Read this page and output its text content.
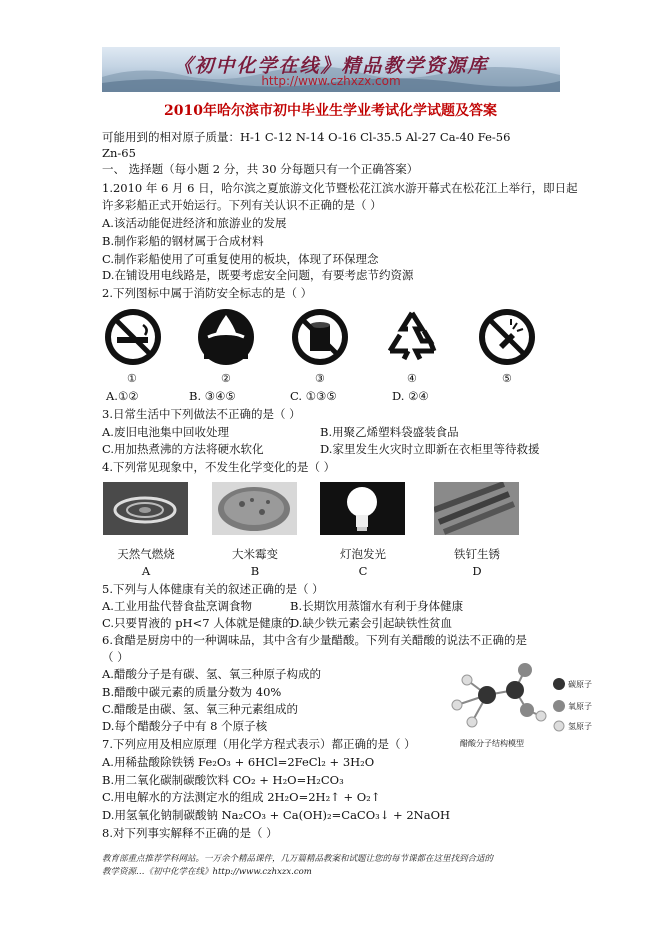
《初中化学在线》精品教学资源库
http://www.czhxzx.com
2010年哈尔滨市初中毕业生学业考试化学试题及答案
可能用到的相对原子质量：H-1 C-12 N-14 O-16 Cl-35.5 Al-27 Ca-40 Fe-56
Zn-65
一、 选择题（每小题 2 分，共 30 分每题只有一个正确答案）
1.2010 年 6 月 6 日，哈尔滨之夏旅游文化节暨松花江滨水游开幕式在松花江上举行，即日起
许多彩船正式开始运行。下列有关认识不正确的是（ ）
A.该活动能促进经济和旅游业的发展
B.制作彩船的钢材属于合成材料
C.制作彩船使用了可重复使用的板块，体现了环保理念
D.在铺设用电线路是，既要考虑安全问题，有要考虑节约资源
2.下列图标中属于消防安全标志的是（ ）
①	②	③	④	⑤
A.①②	B. ③④⑤	C. ①③⑤	D. ②④
3.日常生活中下列做法不正确的是（ ）
A.废旧电池集中回收处理	B.用聚乙烯塑料袋盛装食品
C.用加热煮沸的方法将硬水软化	D.家里发生火灾时立即新在衣柜里等待救援
4.下列常见现象中，不发生化学变化的是（ ）
天然气燃烧	大米霉变	灯泡发光	铁钉生锈
A	B	C	D
5.下列与人体健康有关的叙述正确的是（ ）
A.工业用盐代替食盐烹调食物	B.长期饮用蒸馏水有利于身体健康
C.只要胃液的 pH<7 人体就是健康的
D.缺少铁元素会引起缺铁性贫血
6.食醋是厨房中的一种调味品，其中含有少量醋酸。下列有关醋酸的说法不正确的是
（ ）
A.醋酸分子是有碳、氢、氧三种原子构成的
B.醋酸中碳元素的质量分数为 40%
C.醋酸是由碳、氢、氧三种元素组成的
D.每个醋酸分子中有 8 个原子核
碳原子
氧原子
氢原子
醋酸分子结构模型
7.下列应用及相应原理（用化学方程式表示）都正确的是（ ）
A.用稀盐酸除铁锈 Fe₂O₃ + 6HCl=2FeCl₂ + 3H₂O
B.用二氧化碳制碳酸饮料 CO₂ + H₂O=H₂CO₃
C.用电解水的方法测定水的组成 2H₂O=2H₂↑ + O₂↑
D.用氢氧化钠制碳酸钠 Na₂CO₃ + Ca(OH)₂=CaCO₃↓ + 2NaOH
8.对下列事实解释不正确的是（ ）
教育部重点推荐学科网站。一万余个精品课件，几万篇精品教案和试题让您的每节课都在这里找到合适的
教学资源…《初中化学在线》http://www.czhxzx.com
